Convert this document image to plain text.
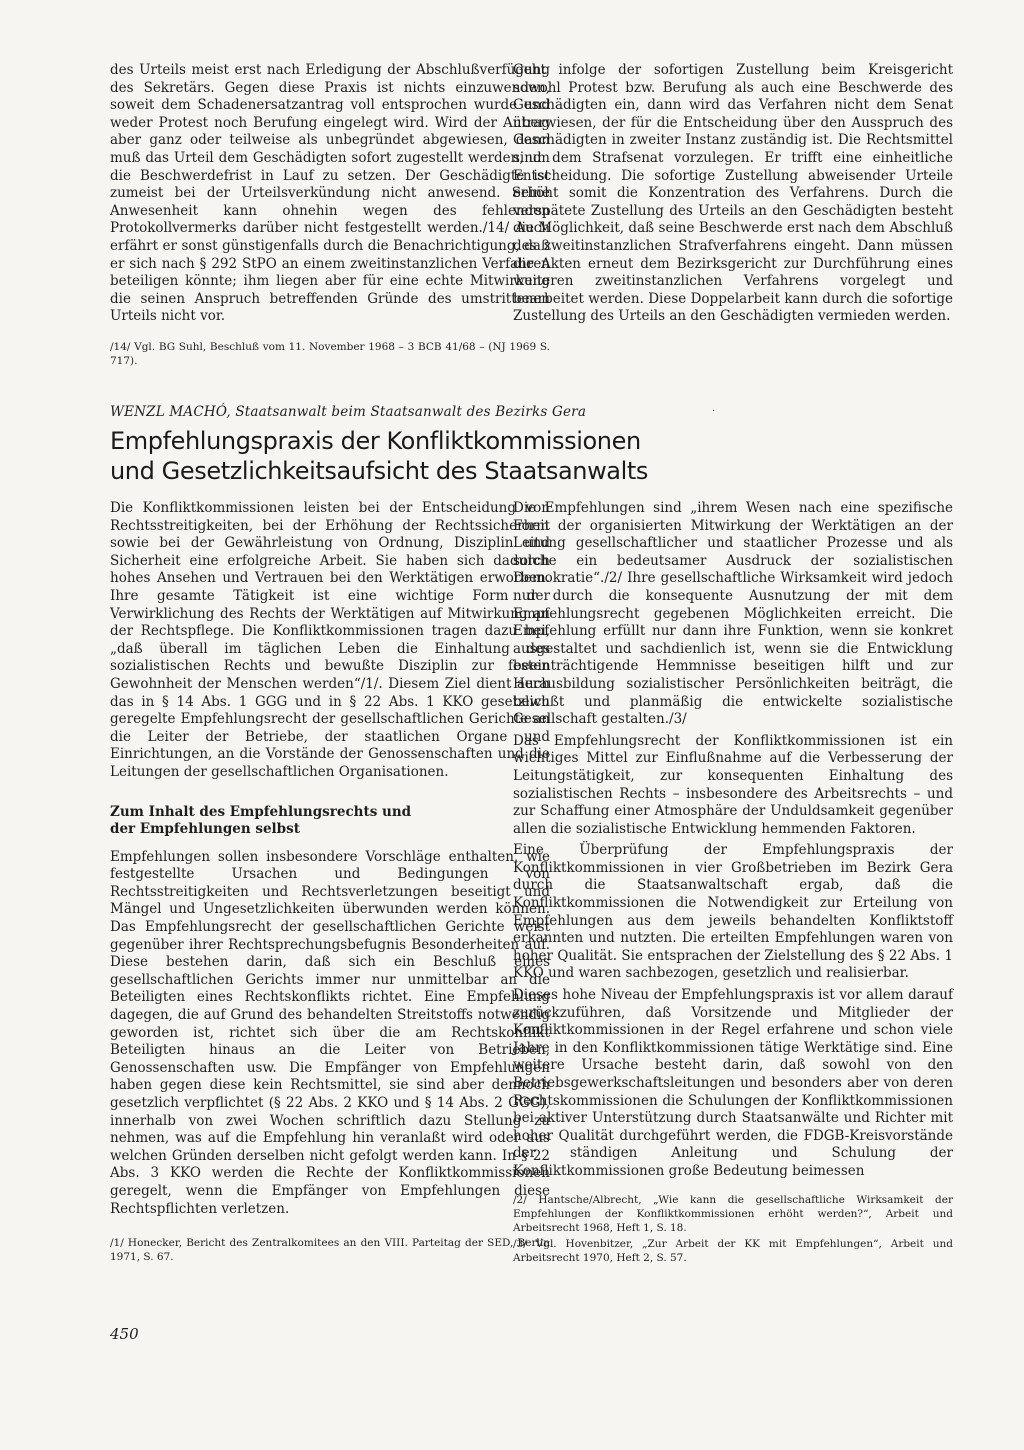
des Urteils meist erst nach Erledigung der Abschlußverfügung des Sekretärs. Gegen diese Praxis ist nichts einzuwenden, soweit dem Schadenersatzantrag voll entsprochen wurde und weder Protest noch Berufung eingelegt wird. Wird der Antrag aber ganz oder teilweise als unbegründet abgewiesen, dann muß das Urteil dem Geschädigten sofort zugestellt werden, um die Beschwerdefrist in Lauf zu setzen. Der Geschädigte ist zumeist bei der Urteilsverkündung nicht anwesend. Seine Anwesenheit kann ohnehin wegen des fehlenden Protokollvermerks darüber nicht festgestellt werden./14/ Auch erfährt er sonst günstigenfalls durch die Benachrichtigung, daß er sich nach § 292 StPO an einem zweitinstanzlichen Verfahren beteiligen könnte; ihm liegen aber für eine echte Mitwirkung die seinen Anspruch betreffenden Gründe des umstrittenen Urteils nicht vor.

/14/ Vgl. BG Suhl, Beschluß vom 11. November 1968 – 3 BCB 41/68 – (NJ 1969 S. 717).

Geht infolge der sofortigen Zustellung beim Kreisgericht sowohl Protest bzw. Berufung als auch eine Beschwerde des Geschädigten ein, dann wird das Verfahren nicht dem Senat überwiesen, der für die Entscheidung über den Ausspruch des Geschädigten in zweiter Instanz zuständig ist. Die Rechtsmittel sind dem Strafsenat vorzulegen. Er trifft eine einheitliche Entscheidung. Die sofortige Zustellung abweisender Urteile erhöht somit die Konzentration des Verfahrens. Durch die verspätete Zustellung des Urteils an den Geschädigten besteht die Möglichkeit, daß seine Beschwerde erst nach dem Abschluß des zweitinstanzlichen Strafverfahrens eingeht. Dann müssen die Akten erneut dem Bezirksgericht zur Durchführung eines weiteren zweitinstanzlichen Verfahrens vorgelegt und bearbeitet werden. Diese Doppelarbeit kann durch die sofortige Zustellung des Urteils an den Geschädigten vermieden werden.

WENZL MACHÓ, Staatsanwalt beim Staatsanwalt des Bezirks Gera	·
Empfehlungspraxis der Konfliktkommissionen
und Gesetzlichkeitsaufsicht des Staatsanwalts

Die Konfliktkommissionen leisten bei der Entscheidung von Rechtsstreitigkeiten, bei der Erhöhung der Rechtssicherheit sowie bei der Gewährleistung von Ordnung, Disziplin und Sicherheit eine erfolgreiche Arbeit. Sie haben sich dadurch hohes Ansehen und Vertrauen bei den Werktätigen erworben. Ihre gesamte Tätigkeit ist eine wichtige Form der Verwirklichung des Rechts der Werktätigen auf Mitwirkung an der Rechtspflege. Die Konfliktkommissionen tragen dazu bei, „daß überall im täglichen Leben die Einhaltung des sozialistischen Rechts und bewußte Disziplin zur festen Gewohnheit der Menschen werden“/1/. Diesem Ziel dient auch das in § 14 Abs. 1 GGG und in § 22 Abs. 1 KKO gesetzlich geregelte Empfehlungsrecht der gesellschaftlichen Gerichte an die Leiter der Betriebe, der staatlichen Organe und Einrichtungen, an die Vorstände der Genossenschaften und die Leitungen der gesellschaftlichen Organisationen.

Zum Inhalt des Empfehlungsrechts und
der Empfehlungen selbst

Empfehlungen sollen insbesondere Vorschläge enthalten, wie festgestellte Ursachen und Bedingungen von Rechtsstreitigkeiten und Rechtsverletzungen beseitigt und Mängel und Ungesetzlichkeiten überwunden werden können. Das Empfehlungsrecht der gesellschaftlichen Gerichte weist gegenüber ihrer Rechtsprechungsbefugnis Besonderheiten auf. Diese bestehen darin, daß sich ein Beschluß eines gesellschaftlichen Gerichts immer nur unmittelbar an die Beteiligten eines Rechtskonflikts richtet. Eine Empfehlung dagegen, die auf Grund des behandelten Streitstoffs notwendig geworden ist, richtet sich über die am Rechtskonflikt Beteiligten hinaus an die Leiter von Betrieben, Genossenschaften usw. Die Empfänger von Empfehlungen haben gegen diese kein Rechtsmittel, sie sind aber dennoch gesetzlich verpflichtet (§ 22 Abs. 2 KKO und § 14 Abs. 2 GGG), innerhalb von zwei Wochen schriftlich dazu Stellung zu nehmen, was auf die Empfehlung hin veranlaßt wird oder aus welchen Gründen derselben nicht gefolgt werden kann. In § 22 Abs. 3 KKO werden die Rechte der Konfliktkommissionen geregelt, wenn die Empfänger von Empfehlungen diese Rechtspflichten verletzen.

/1/ Honecker, Bericht des Zentralkomitees an den VIII. Parteitag der SED, Berlin 1971, S. 67.

Die Empfehlungen sind „ihrem Wesen nach eine spezifische Form der organisierten Mitwirkung der Werktätigen an der Leitung gesellschaftlicher und staatlicher Prozesse und als solche ein bedeutsamer Ausdruck der sozialistischen Demokratie“./2/ Ihre gesellschaftliche Wirksamkeit wird jedoch nur durch die konsequente Ausnutzung der mit dem Empfehlungsrecht gegebenen Möglichkeiten erreicht. Die Empfehlung erfüllt nur dann ihre Funktion, wenn sie konkret ausgestaltet und sachdienlich ist, wenn sie die Entwicklung beeinträchtigende Hemmnisse beseitigen hilft und zur Herausbildung sozialistischer Persönlichkeiten beiträgt, die bewußt und planmäßig die entwickelte sozialistische Gesellschaft gestalten./3/

Das Empfehlungsrecht der Konfliktkommissionen ist ein wichtiges Mittel zur Einflußnahme auf die Verbesserung der Leitungstätigkeit, zur konsequenten Einhaltung des sozialistischen Rechts – insbesondere des Arbeitsrechts – und zur Schaffung einer Atmosphäre der Unduldsamkeit gegenüber allen die sozialistische Entwicklung hemmenden Faktoren.

Eine Überprüfung der Empfehlungspraxis der Konfliktkommissionen in vier Großbetrieben im Bezirk Gera durch die Staatsanwaltschaft ergab, daß die Konfliktkommissionen die Notwendigkeit zur Erteilung von Empfehlungen aus dem jeweils behandelten Konfliktstoff erkannten und nutzten. Die erteilten Empfehlungen waren von hoher Qualität. Sie entsprachen der Zielstellung des § 22 Abs. 1 KKO und waren sachbezogen, gesetzlich und realisierbar.

Dieses hohe Niveau der Empfehlungspraxis ist vor allem darauf zurückzuführen, daß Vorsitzende und Mitglieder der Konfliktkommissionen in der Regel erfahrene und schon viele Jahre in den Konfliktkommissionen tätige Werktätige sind. Eine weitere Ursache besteht darin, daß sowohl von den Betriebsgewerkschaftsleitungen und besonders aber von deren Rechtskommissionen die Schulungen der Konfliktkommissionen bei aktiver Unterstützung durch Staatsanwälte und Richter mit hoher Qualität durchgeführt werden, die FDGB-Kreisvorstände der ständigen Anleitung und Schulung der Konfliktkommissionen große Bedeutung beimessen

/2/ Hantsche/Albrecht, „Wie kann die gesellschaftliche Wirksamkeit der Empfehlungen der Konfliktkommissionen erhöht werden?“, Arbeit und Arbeitsrecht 1968, Heft 1, S. 18.

/3/ Vgl. Hovenbitzer, „Zur Arbeit der KK mit Empfehlungen“, Arbeit und Arbeitsrecht 1970, Heft 2, S. 57.

450
